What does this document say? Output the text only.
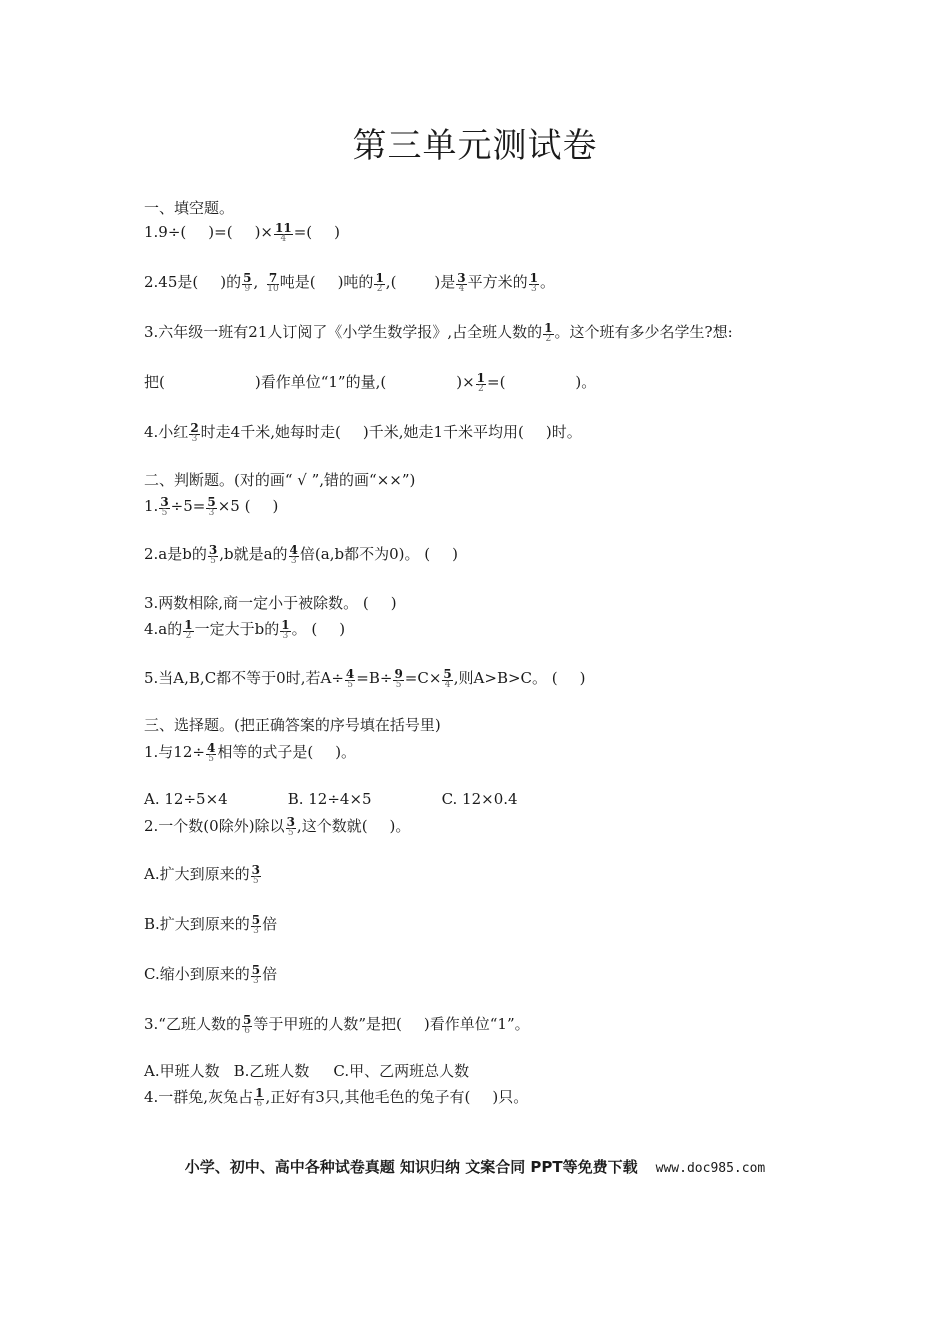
第三单元测试卷
一、填空题。
1.9÷( )=( )× $\frac{11}{4}$ =( )
2.45是( )的 $\frac{5}{9}$ , $\frac{7}{10}$ 吨是( )吨的 $\frac{1}{2}$ ,(	)是 $\frac{3}{4}$ 平方米的 $\frac{1}{3}$ 。
3.六年级一班有21人订阅了《小学生数学报》,占全班人数的 $\frac{1}{2}$ 。这个班有多少名学生?想:
把(	)看作单位“1”的量,(	)× $\frac{1}{2}$ =(	)。
4.小红 $\frac{2}{3}$ 时走4千米,她每时走( )千米,她走1千米平均用( )时。
二、判断题。(对的画“ √ ”,错的画“××”)
1. $\frac{3}{5} \div 5= \frac{5}{3} \times 5$ ( )
2.a是b的 $\frac{3}{5} ,b$就是a的 $\frac{4}{3}$ 倍(a,b都不为0)。 ( )
3.两数相除,商一定小于被除数。 ( )
4.a的 $\frac{1}{2}$ 一定大于b的 $\frac{1}{3}$ 。 ( )
5.当A,B,C都不等于0时,若$A\div \frac{4}{5} =B\div \frac{9}{5} =C\times \frac{5}{4}$ ,则A>B>C。 ( )
三、选择题。(把正确答案的序号填在括号里)
1.与$12\div \frac{4}{5}$ 相等的式子是( )。
A. 12÷5×4	B. 12÷4×5	C. 12×0.4
2.一个数(0除外)除以 $\frac{3}{5}$ ,这个数就( )。
A.扩大到原来的 $\frac{3}{5}$
B.扩大到原来的 $\frac{5}{3}$ 倍
C.缩小到原来的 $\frac{5}{3}$ 倍
3.“乙班人数的 $\frac{5}{6}$ 等于甲班的人数”是把( )看作单位“1”。
A.甲班人数 B.乙班人数 C.甲、乙两班总人数
4.一群兔,灰兔占 $\frac{1}{6}$ ,正好有3只,其他毛色的兔子有( )只。
小学、初中、高中各种试卷真题 知识归纳 文案合同 PPT等免费下载 www.doc985.com
